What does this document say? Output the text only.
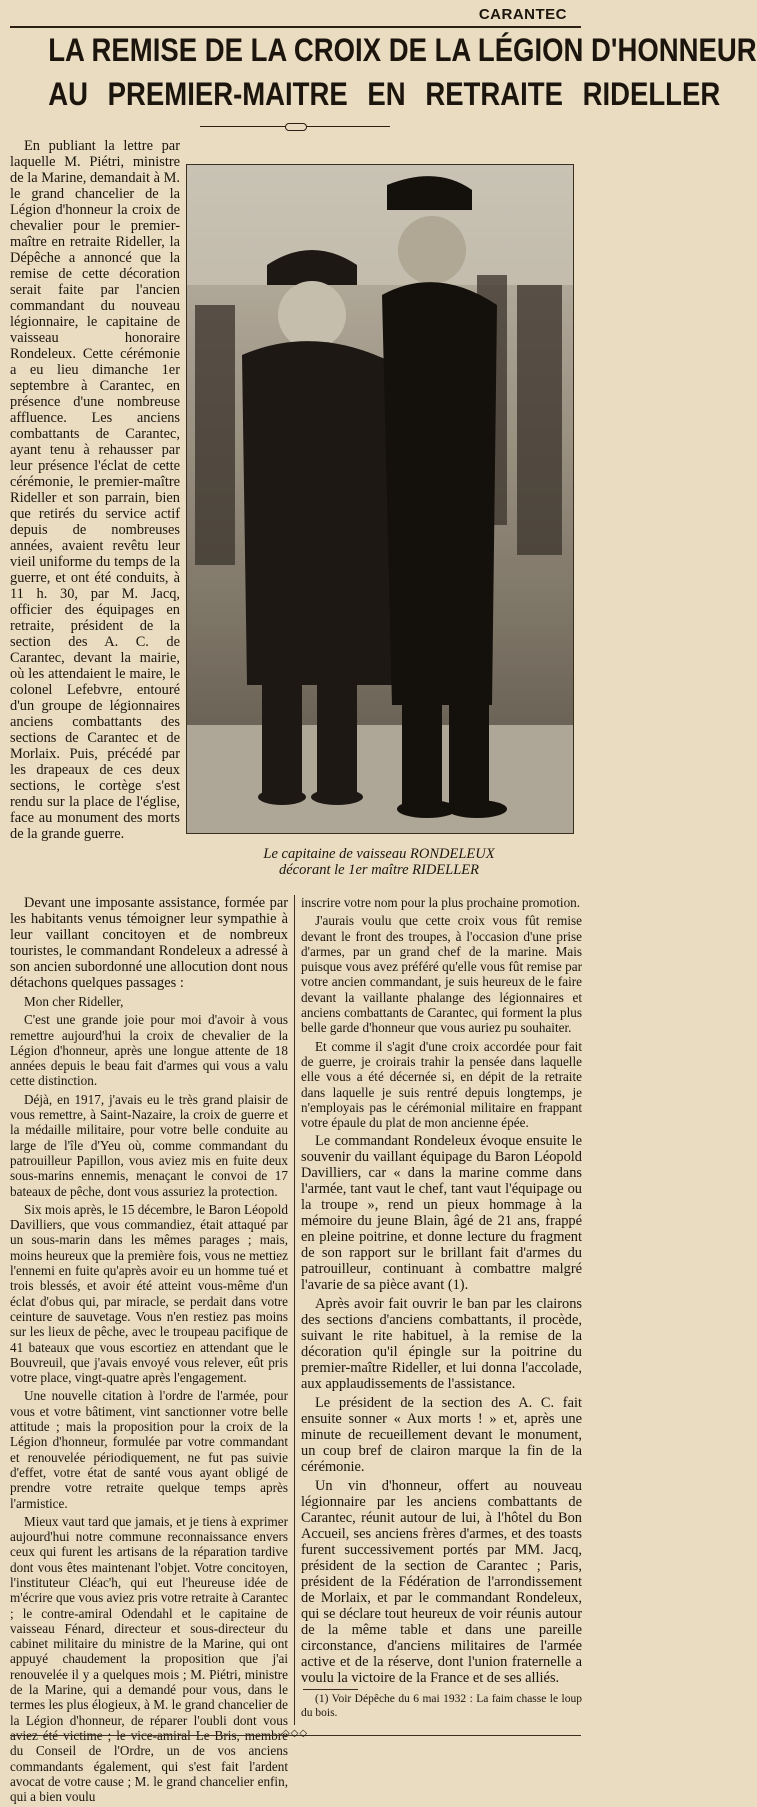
CARANTEC
LA REMISE DE LA CROIX DE LA LÉGION D'HONNEUR
AU PREMIER-MAITRE EN RETRAITE RIDELLER
En publiant la lettre par laquelle M. Piétri, ministre de la Marine, demandait à M. le grand chancelier de la Légion d'honneur la croix de chevalier pour le premier-maître en retraite Rideller, la Dépêche a annoncé que la remise de cette décoration serait faite par l'ancien commandant du nouveau légionnaire, le capitaine de vaisseau honoraire Rondeleux. Cette cérémonie a eu lieu dimanche 1er septembre à Carantec, en présence d'une nombreuse affluence. Les anciens combattants de Carantec, ayant tenu à rehausser par leur présence l'éclat de cette cérémonie, le premier-maître Rideller et son parrain, bien que retirés du service actif depuis de nombreuses années, avaient revêtu leur vieil uniforme du temps de la guerre, et ont été conduits, à 11 h. 30, par M. Jacq, officier des équipages en retraite, président de la section des A. C. de Carantec, devant la mairie, où les attendaient le maire, le colonel Lefebvre, entouré d'un groupe de légionnaires anciens combattants des sections de Carantec et de Morlaix. Puis, précédé par les drapeaux de ces deux sections, le cortège s'est rendu sur la place de l'église, face au monument des morts de la grande guerre.
Le capitaine de vaisseau RONDELEUX
décorant le 1er maître RIDELLER

Devant une imposante assistance, formée par les habitants venus témoigner leur sympathie à leur vaillant concitoyen et de nombreux touristes, le commandant Rondeleux a adressé à son ancien subordonné une allocution dont nous détachons quelques passages :

Mon cher Rideller,

C'est une grande joie pour moi d'avoir à vous remettre aujourd'hui la croix de chevalier de la Légion d'honneur, après une longue attente de 18 années depuis le beau fait d'armes qui vous a valu cette distinction.

Déjà, en 1917, j'avais eu le très grand plaisir de vous remettre, à Saint-Nazaire, la croix de guerre et la médaille militaire, pour votre belle conduite au large de l'île d'Yeu où, comme commandant du patrouilleur Papillon, vous aviez mis en fuite deux sous-marins ennemis, menaçant le convoi de 17 bateaux de pêche, dont vous assuriez la protection.

Six mois après, le 15 décembre, le Baron Léopold Davilliers, que vous commandiez, était attaqué par un sous-marin dans les mêmes parages ; mais, moins heureux que la première fois, vous ne mettiez l'ennemi en fuite qu'après avoir eu un homme tué et trois blessés, et avoir été atteint vous-même d'un éclat d'obus qui, par miracle, se perdait dans votre ceinture de sauvetage. Vous n'en restiez pas moins sur les lieux de pêche, avec le troupeau pacifique de 41 bateaux que vous escortiez en attendant que le Bouvreuil, que j'avais envoyé vous relever, eût pris votre place, vingt-quatre après l'engagement.

Une nouvelle citation à l'ordre de l'armée, pour vous et votre bâtiment, vint sanctionner votre belle attitude ; mais la proposition pour la croix de la Légion d'honneur, formulée par votre commandant et renouvelée périodiquement, ne fut pas suivie d'effet, votre état de santé vous ayant obligé de prendre votre retraite quelque temps après l'armistice.

Mieux vaut tard que jamais, et je tiens à exprimer aujourd'hui notre commune reconnaissance envers ceux qui furent les artisans de la réparation tardive dont vous êtes maintenant l'objet. Votre concitoyen, l'instituteur Cléac'h, qui eut l'heureuse idée de m'écrire que vous aviez pris votre retraite à Carantec ; le contre-amiral Odendahl et le capitaine de vaisseau Fénard, directeur et sous-directeur du cabinet militaire du ministre de la Marine, qui ont appuyé chaudement la proposition que j'ai renouvelée il y a quelques mois ; M. Piétri, ministre de la Marine, qui a demandé pour vous, dans le termes les plus élogieux, à M. le grand chancelier de la Légion d'honneur, de réparer l'oubli dont vous aviez été victime ; le vice-amiral Le Bris, membre du Conseil de l'Ordre, un de vos anciens commandants également, qui s'est fait l'ardent avocat de votre cause ; M. le grand chancelier enfin, qui a bien voulu

inscrire votre nom pour la plus prochaine promotion.

J'aurais voulu que cette croix vous fût remise devant le front des troupes, à l'occasion d'une prise d'armes, par un grand chef de la marine. Mais puisque vous avez préféré qu'elle vous fût remise par votre ancien commandant, je suis heureux de le faire devant la vaillante phalange des légionnaires et anciens combattants de Carantec, qui forment la plus belle garde d'honneur que vous auriez pu souhaiter.

Et comme il s'agit d'une croix accordée pour fait de guerre, je croirais trahir la pensée dans laquelle elle vous a été décernée si, en dépit de la retraite dans laquelle je suis rentré depuis longtemps, je n'employais pas le cérémonial militaire en frappant votre épaule du plat de mon ancienne épée.

Le commandant Rondeleux évoque ensuite le souvenir du vaillant équipage du Baron Léopold Davilliers, car « dans la marine comme dans l'armée, tant vaut le chef, tant vaut l'équipage ou la troupe », rend un pieux hommage à la mémoire du jeune Blain, âgé de 21 ans, frappé en pleine poitrine, et donne lecture du fragment de son rapport sur le brillant fait d'armes du patrouilleur, continuant à combattre malgré l'avarie de sa pièce avant (1).

Après avoir fait ouvrir le ban par les clairons des sections d'anciens combattants, il procède, suivant le rite habituel, à la remise de la décoration qu'il épingle sur la poitrine du premier-maître Rideller, et lui donna l'accolade, aux applaudissements de l'assistance.

Le président de la section des A. C. fait ensuite sonner « Aux morts ! » et, après une minute de recueillement devant le monument, un coup bref de clairon marque la fin de la cérémonie.

Un vin d'honneur, offert au nouveau légionnaire par les anciens combattants de Carantec, réunit autour de lui, à l'hôtel du Bon Accueil, ses anciens frères d'armes, et des toasts furent successivement portés par MM. Jacq, président de la section de Carantec ; Paris, président de la Fédération de l'arrondissement de Morlaix, et par le commandant Rondeleux, qui se déclare tout heureux de voir réunis autour de la même table et dans une pareille circonstance, d'anciens militaires de l'armée active et de la réserve, dont l'union fraternelle a voulu la victoire de la France et de ses alliés.

(1) Voir Dépêche du 6 mai 1932 : La faim chasse le loup du bois.
◇◇◇
